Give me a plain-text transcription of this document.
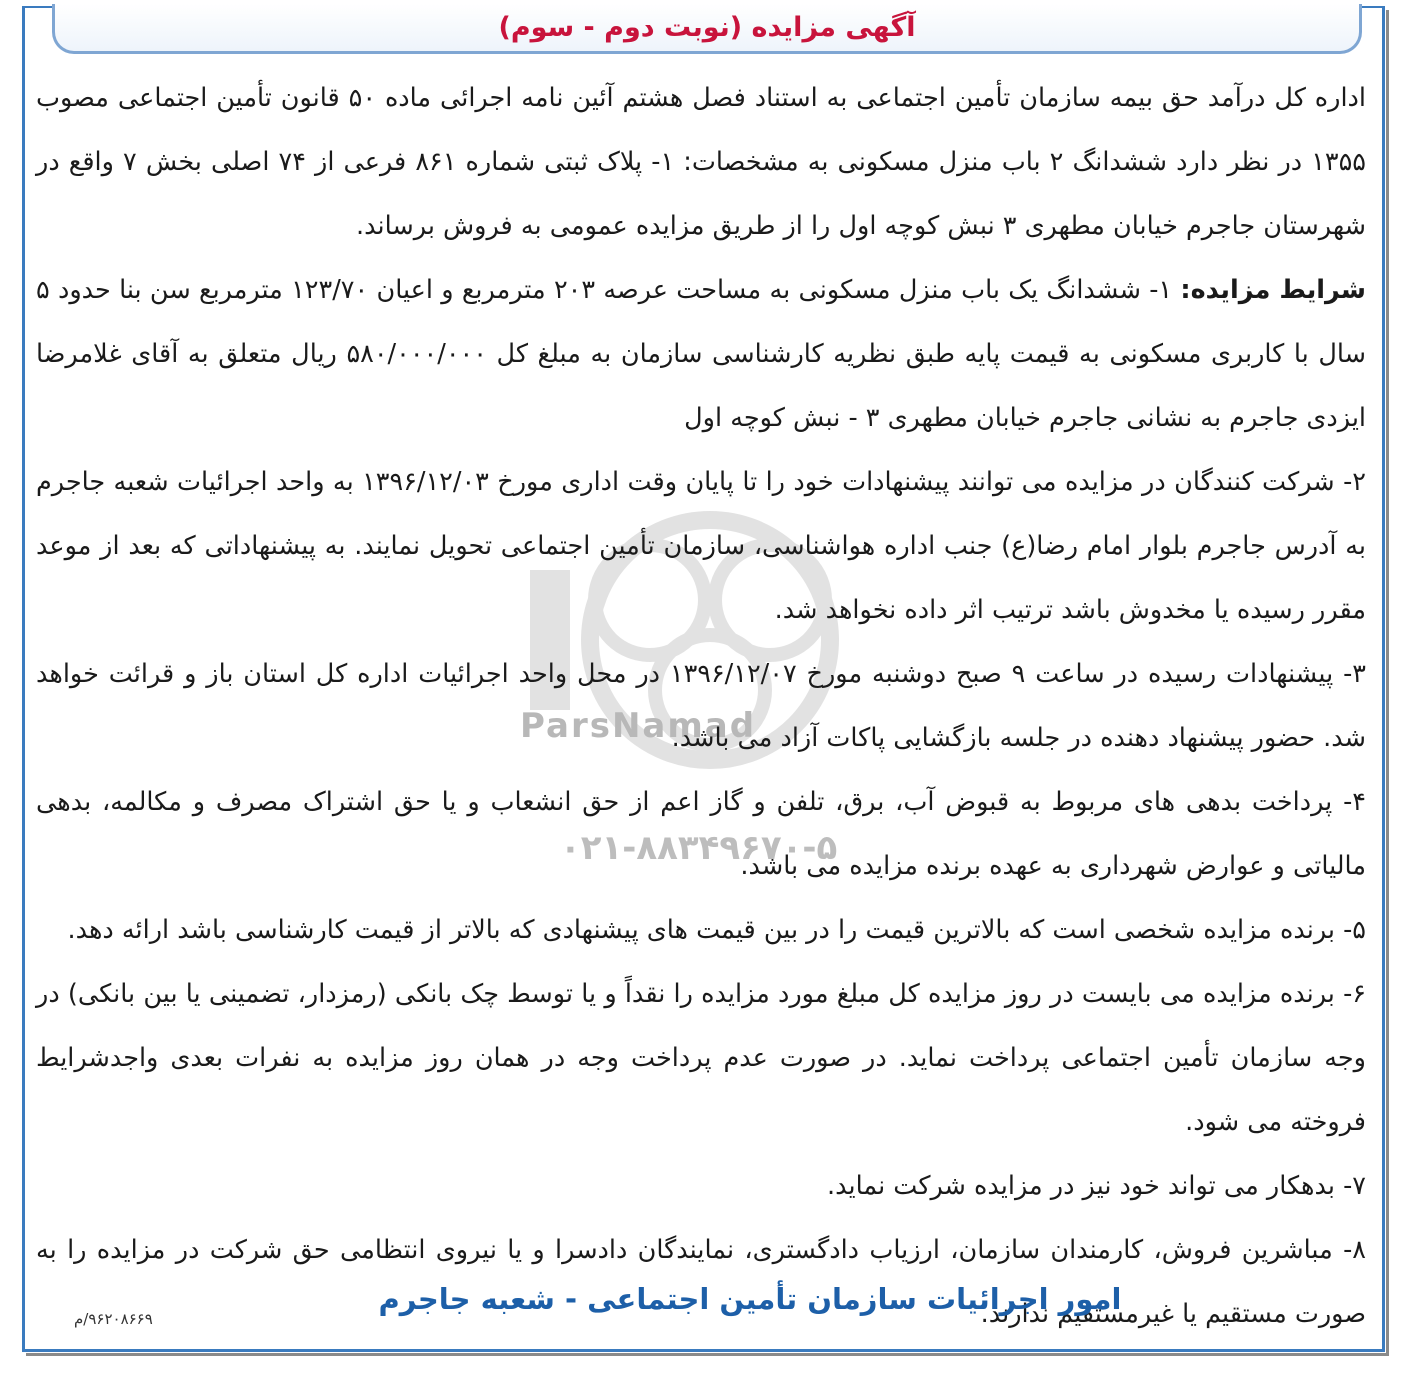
آگهی مزایده (نوبت دوم - سوم)
ParsNamad
۰۲۱-۸۸۳۴۹۶۷۰-۵

اداره کل درآمد حق بیمه سازمان تأمین اجتماعی به استناد فصل هشتم آئین نامه اجرائی ماده ۵۰ قانون تأمین اجتماعی مصوب ۱۳۵۵ در نظر دارد ششدانگ ۲ باب منزل مسکونی به مشخصات: ۱- پلاک ثبتی شماره ۸۶۱ فرعی از ۷۴ اصلی بخش ۷ واقع در شهرستان جاجرم خیابان مطهری ۳ نبش کوچه اول را از طریق مزایده عمومی به فروش برساند.

شرایط مزایده: ۱- ششدانگ یک باب منزل مسکونی به مساحت عرصه ۲۰۳ مترمربع و اعیان ۱۲۳/۷۰ مترمربع سن بنا حدود ۵ سال با کاربری مسکونی به قیمت پایه طبق نظریه کارشناسی سازمان به مبلغ کل ۵۸۰/۰۰۰/۰۰۰ ریال متعلق به آقای غلامرضا ایزدی جاجرم به نشانی جاجرم خیابان مطهری ۳ - نبش کوچه اول

۲- شرکت کنندگان در مزایده می توانند پیشنهادات خود را تا پایان وقت اداری مورخ ۱۳۹۶/۱۲/۰۳ به واحد اجرائیات شعبه جاجرم به آدرس جاجرم بلوار امام رضا(ع) جنب اداره هواشناسی، سازمان تأمین اجتماعی تحویل نمایند. به پیشنهاداتی که بعد از موعد مقرر رسیده یا مخدوش باشد ترتیب اثر داده نخواهد شد.

۳- پیشنهادات رسیده در ساعت ۹ صبح دوشنبه مورخ ۱۳۹۶/۱۲/۰۷ در محل واحد اجرائیات اداره کل استان باز و قرائت خواهد شد. حضور پیشنهاد دهنده در جلسه بازگشایی پاکات آزاد می باشد.

۴- پرداخت بدهی های مربوط به قبوض آب، برق، تلفن و گاز اعم از حق انشعاب و یا حق اشتراک مصرف و مکالمه، بدهی مالیاتی و عوارض شهرداری به عهده برنده مزایده می باشد.

۵- برنده مزایده شخصی است که بالاترین قیمت را در بین قیمت های پیشنهادی که بالاتر از قیمت کارشناسی باشد ارائه دهد.

۶- برنده مزایده می بایست در روز مزایده کل مبلغ مورد مزایده را نقداً و یا توسط چک بانکی (رمزدار، تضمینی یا بین بانکی) در وجه سازمان تأمین اجتماعی پرداخت نماید. در صورت عدم پرداخت وجه در همان روز مزایده به نفرات بعدی واجدشرایط فروخته می شود.

۷- بدهکار می تواند خود نیز در مزایده شرکت نماید.

۸- مباشرین فروش، کارمندان سازمان، ارزیاب دادگستری، نمایندگان دادسرا و یا نیروی انتظامی حق شرکت در مزایده را به صورت مستقیم یا غیرمستقیم ندارند.

امور اجرائیات سازمان تأمین اجتماعی - شعبه جاجرم
۹۶۲۰۸۶۶۹/م
